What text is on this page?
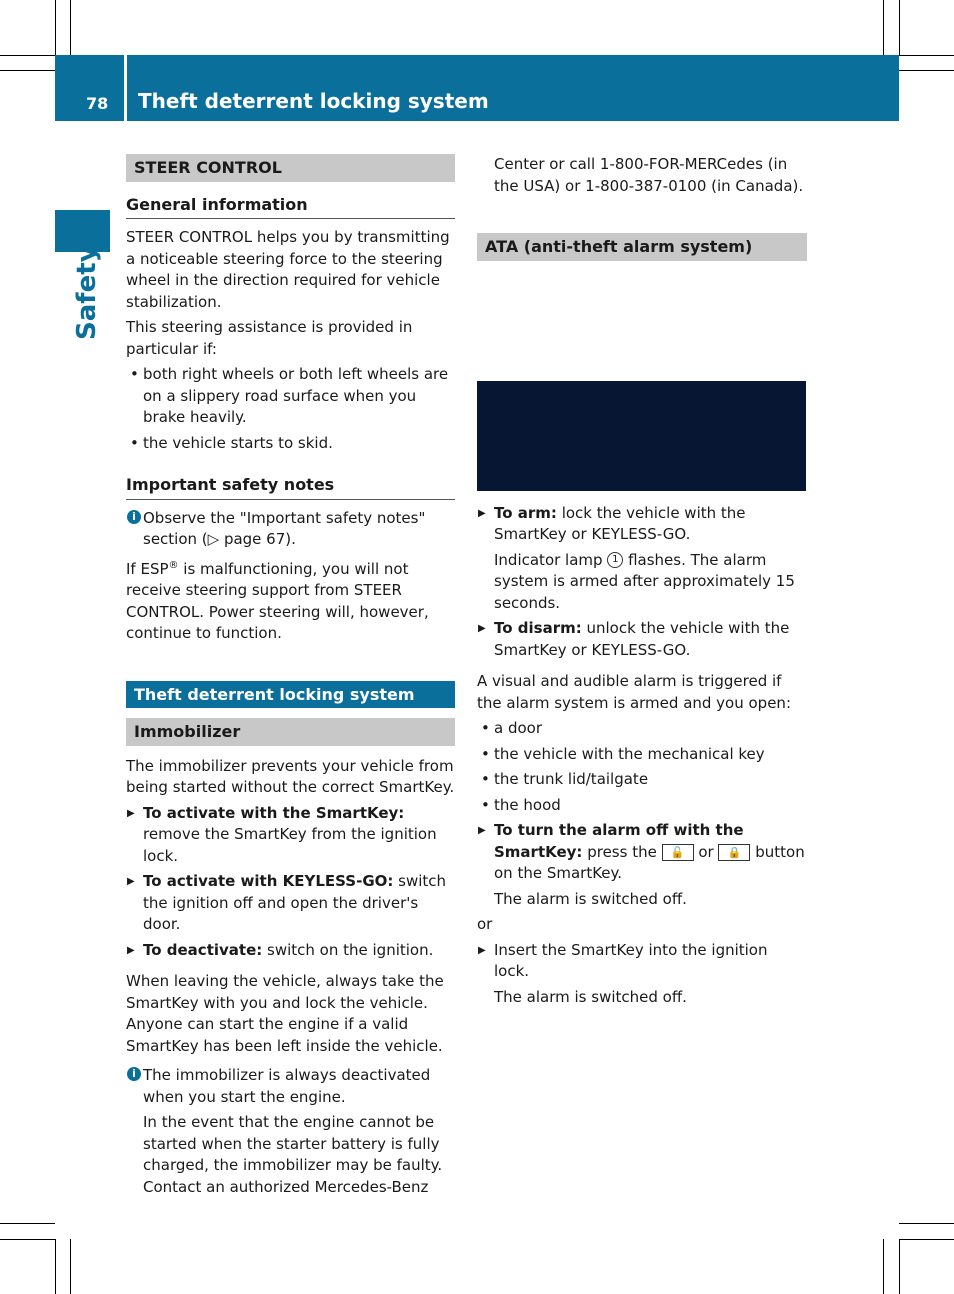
78 Theft deterrent locking system
Safety
STEER CONTROL
General information

STEER CONTROL helps you by transmitting a noticeable steering force to the steering wheel in the direction required for vehicle stabilization.

This steering assistance is provided in particular if:

• both right wheels or both left wheels are on a slippery road surface when you brake heavily.

• the vehicle starts to skid.

Important safety notes

i Observe the "Important safety notes" section (▷ page 67).

If ESP® is malfunctioning, you will not receive steering support from STEER CONTROL. Power steering will, however, continue to function.

Theft deterrent locking system
Immobilizer

The immobilizer prevents your vehicle from being started without the correct SmartKey.

▶ To activate with the SmartKey: remove the SmartKey from the ignition lock.

▶ To activate with KEYLESS-GO: switch the ignition off and open the driver's door.

▶ To deactivate: switch on the ignition.

When leaving the vehicle, always take the SmartKey with you and lock the vehicle. Anyone can start the engine if a valid SmartKey has been left inside the vehicle.

i The immobilizer is always deactivated when you start the engine.

In the event that the engine cannot be started when the starter battery is fully charged, the immobilizer may be faulty. Contact an authorized Mercedes-Benz

Center or call 1-800-FOR-MERCedes (in the USA) or 1-800-387-0100 (in Canada).

ATA (anti-theft alarm system)

▶ To arm: lock the vehicle with the SmartKey or KEYLESS-GO.

Indicator lamp 1 flashes. The alarm system is armed after approximately 15 seconds.

▶ To disarm: unlock the vehicle with the SmartKey or KEYLESS-GO.

A visual and audible alarm is triggered if the alarm system is armed and you open:

• a door

• the vehicle with the mechanical key

• the trunk lid/tailgate

• the hood

▶ To turn the alarm off with the SmartKey: press the 🔓 or 🔒 button on the SmartKey.

The alarm is switched off.

or

▶ Insert the SmartKey into the ignition lock.

The alarm is switched off.
